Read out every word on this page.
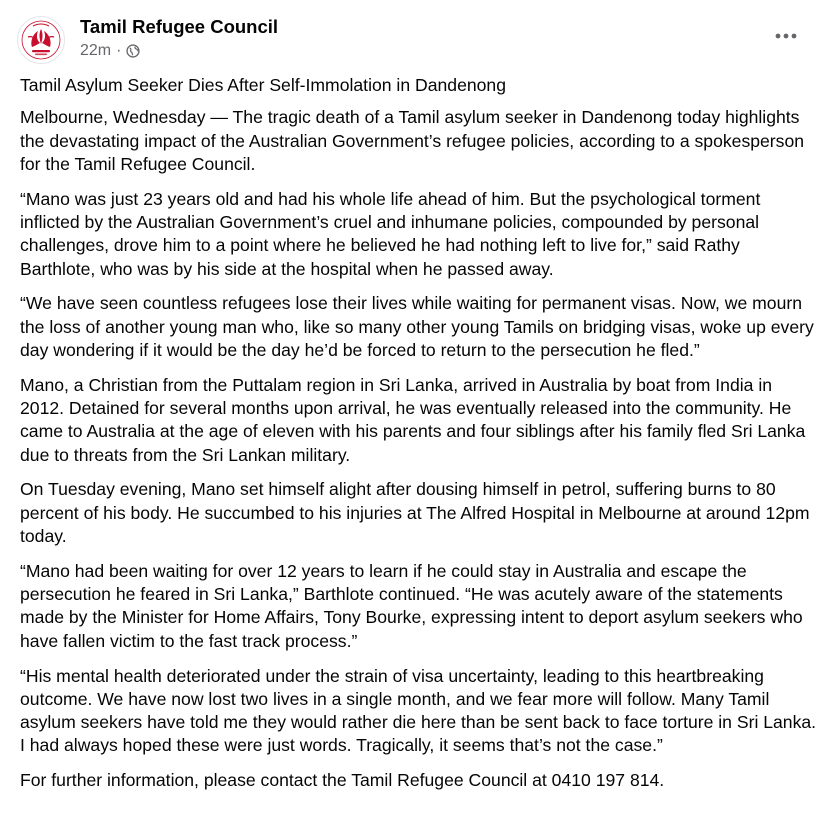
Tamil Refugee Council
22m ·

Tamil Asylum Seeker Dies After Self-Immolation in Dandenong

Melbourne, Wednesday — The tragic death of a Tamil asylum seeker in Dandenong today highlights the devastating impact of the Australian Government’s refugee policies, according to a spokesperson for the Tamil Refugee Council.

“Mano was just 23 years old and had his whole life ahead of him. But the psychological torment inflicted by the Australian Government’s cruel and inhumane policies, compounded by personal challenges, drove him to a point where he believed he had nothing left to live for,” said Rathy Barthlote, who was by his side at the hospital when he passed away.

“We have seen countless refugees lose their lives while waiting for permanent visas. Now, we mourn the loss of another young man who, like so many other young Tamils on bridging visas, woke up every day wondering if it would be the day he’d be forced to return to the persecution he fled.”

Mano, a Christian from the Puttalam region in Sri Lanka, arrived in Australia by boat from India in 2012. Detained for several months upon arrival, he was eventually released into the community. He came to Australia at the age of eleven with his parents and four siblings after his family fled Sri Lanka due to threats from the Sri Lankan military.

On Tuesday evening, Mano set himself alight after dousing himself in petrol, suffering burns to 80 percent of his body. He succumbed to his injuries at The Alfred Hospital in Melbourne at around 12pm today.

“Mano had been waiting for over 12 years to learn if he could stay in Australia and escape the persecution he feared in Sri Lanka,” Barthlote continued. “He was acutely aware of the statements made by the Minister for Home Affairs, Tony Bourke, expressing intent to deport asylum seekers who have fallen victim to the fast track process.”

“His mental health deteriorated under the strain of visa uncertainty, leading to this heartbreaking outcome. We have now lost two lives in a single month, and we fear more will follow. Many Tamil asylum seekers have told me they would rather die here than be sent back to face torture in Sri Lanka. I had always hoped these were just words. Tragically, it seems that’s not the case.”

For further information, please contact the Tamil Refugee Council at 0410 197 814.
